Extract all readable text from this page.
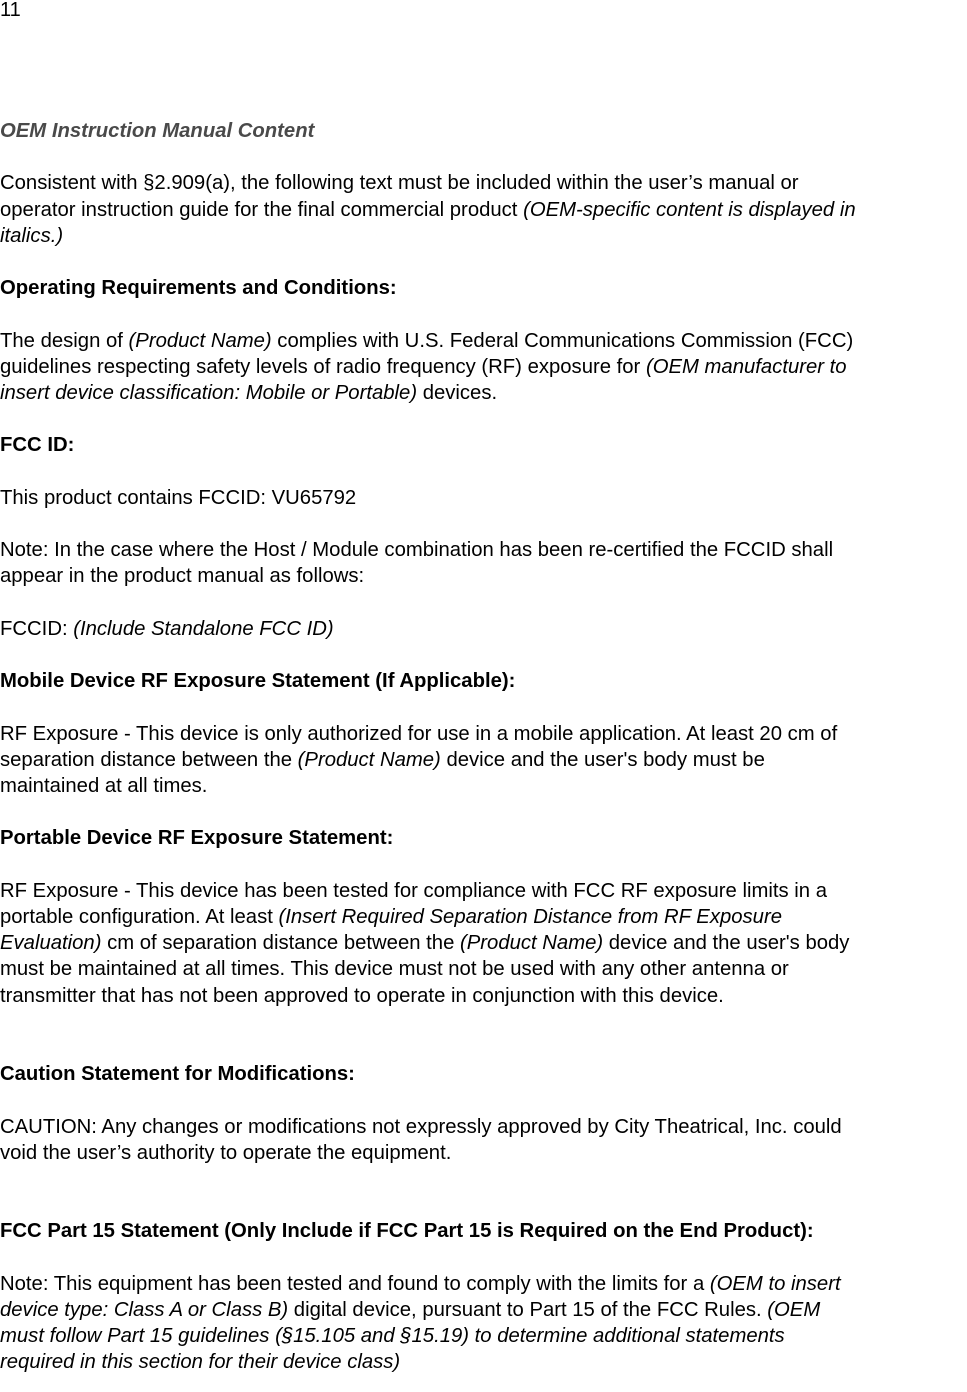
11
OEM Instruction Manual Content
Consistent with §2.909(a), the following text must be included within the user’s manual or
operator instruction guide for the final commercial product (OEM-specific content is displayed in
italics.)
Operating Requirements and Conditions:
The design of (Product Name) complies with U.S. Federal Communications Commission (FCC)
guidelines respecting safety levels of radio frequency (RF) exposure for (OEM manufacturer to
insert device classification: Mobile or Portable) devices.
FCC ID:
This product contains FCCID: VU65792
Note: In the case where the Host / Module combination has been re-certified the FCCID shall
appear in the product manual as follows:
FCCID: (Include Standalone FCC ID)
Mobile Device RF Exposure Statement (If Applicable):
RF Exposure - This device is only authorized for use in a mobile application. At least 20 cm of
separation distance between the (Product Name) device and the user's body must be
maintained at all times.
Portable Device RF Exposure Statement:
RF Exposure - This device has been tested for compliance with FCC RF exposure limits in a
portable configuration. At least (Insert Required Separation Distance from RF Exposure
Evaluation) cm of separation distance between the (Product Name) device and the user's body
must be maintained at all times. This device must not be used with any other antenna or
transmitter that has not been approved to operate in conjunction with this device.
Caution Statement for Modifications:
CAUTION: Any changes or modifications not expressly approved by City Theatrical, Inc. could
void the user’s authority to operate the equipment.
FCC Part 15 Statement (Only Include if FCC Part 15 is Required on the End Product):
Note: This equipment has been tested and found to comply with the limits for a (OEM to insert
device type: Class A or Class B) digital device, pursuant to Part 15 of the FCC Rules. (OEM
must follow Part 15 guidelines (§15.105 and §15.19) to determine additional statements
required in this section for their device class)
